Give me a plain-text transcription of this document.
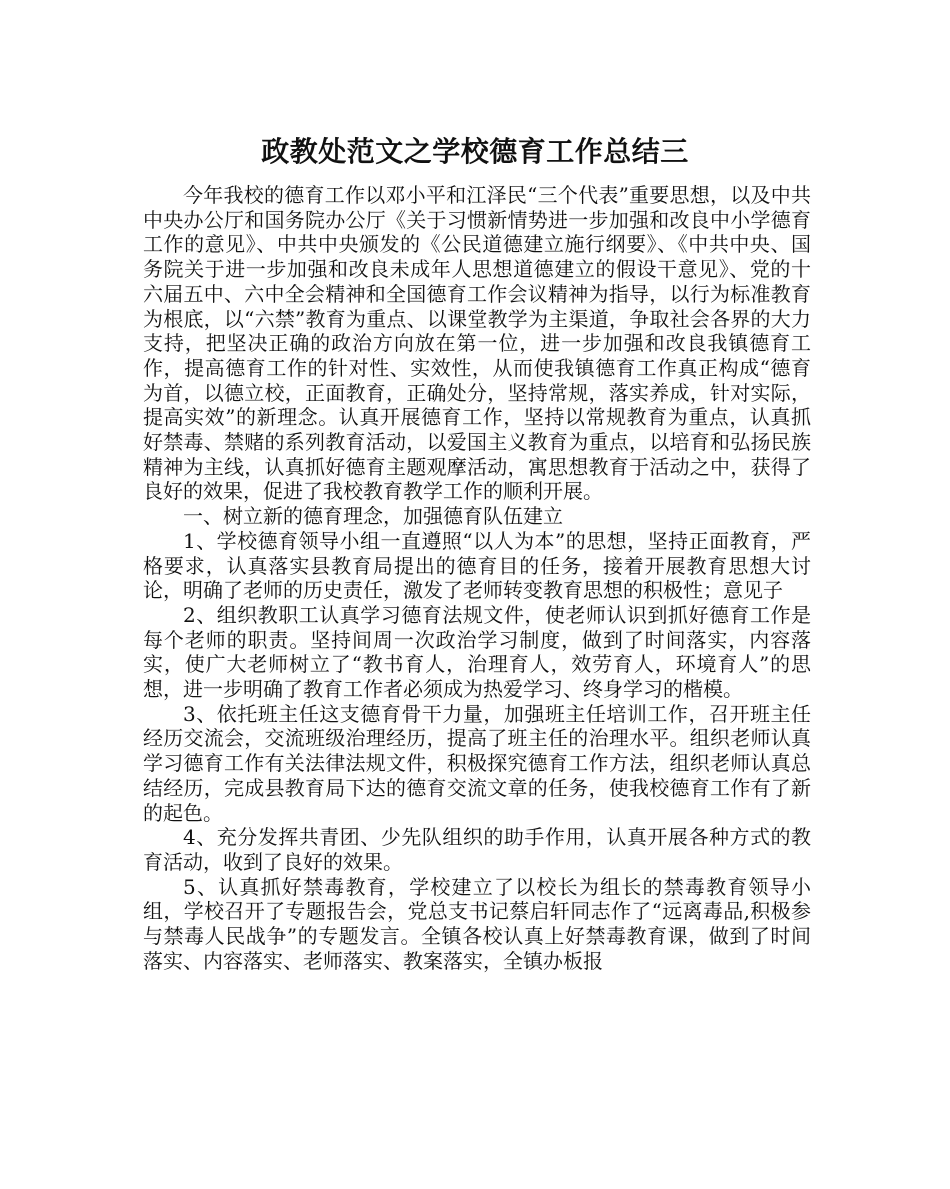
政教处范文之学校德育工作总结三

今年我校的德育工作以邓小平和江泽民“三个代表”重要思想，以及中共中央办公厅和国务院办公厅《关于习惯新情势进一步加强和改良中小学德育工作的意见》、中共中央颁发的《公民道德建立施行纲要》、《中共中央、国务院关于进一步加强和改良未成年人思想道德建立的假设干意见》、党的十六届五中、六中全会精神和全国德育工作会议精神为指导，以行为标准教育为根底，以“六禁”教育为重点、以课堂教学为主渠道，争取社会各界的大力支持，把坚决正确的政治方向放在第一位，进一步加强和改良我镇德育工作，提高德育工作的针对性、实效性，从而使我镇德育工作真正构成“德育为首，以德立校，正面教育，正确处分，坚持常规，落实养成，针对实际，提高实效”的新理念。认真开展德育工作，坚持以常规教育为重点，认真抓好禁毒、禁赌的系列教育活动，以爱国主义教育为重点，以培育和弘扬民族精神为主线，认真抓好德育主题观摩活动，寓思想教育于活动之中，获得了良好的效果，促进了我校教育教学工作的顺利开展。

一、树立新的德育理念，加强德育队伍建立

1、学校德育领导小组一直遵照“以人为本”的思想，坚持正面教育，严格要求，认真落实县教育局提出的德育目的任务，接着开展教育思想大讨论，明确了老师的历史责任，激发了老师转变教育思想的积极性；意见子

2、组织教职工认真学习德育法规文件，使老师认识到抓好德育工作是每个老师的职责。坚持间周一次政治学习制度，做到了时间落实，内容落实，使广大老师树立了“教书育人，治理育人，效劳育人，环境育人”的思想，进一步明确了教育工作者必须成为热爱学习、终身学习的楷模。

3、依托班主任这支德育骨干力量，加强班主任培训工作，召开班主任经历交流会，交流班级治理经历，提高了班主任的治理水平。组织老师认真学习德育工作有关法律法规文件，积极探究德育工作方法，组织老师认真总结经历，完成县教育局下达的德育交流文章的任务，使我校德育工作有了新的起色。

4、充分发挥共青团、少先队组织的助手作用，认真开展各种方式的教育活动，收到了良好的效果。

5、认真抓好禁毒教育，学校建立了以校长为组长的禁毒教育领导小组，学校召开了专题报告会，党总支书记蔡启轩同志作了“远离毒品,积极参与禁毒人民战争”的专题发言。全镇各校认真上好禁毒教育课，做到了时间落实、内容落实、老师落实、教案落实，全镇办板报
